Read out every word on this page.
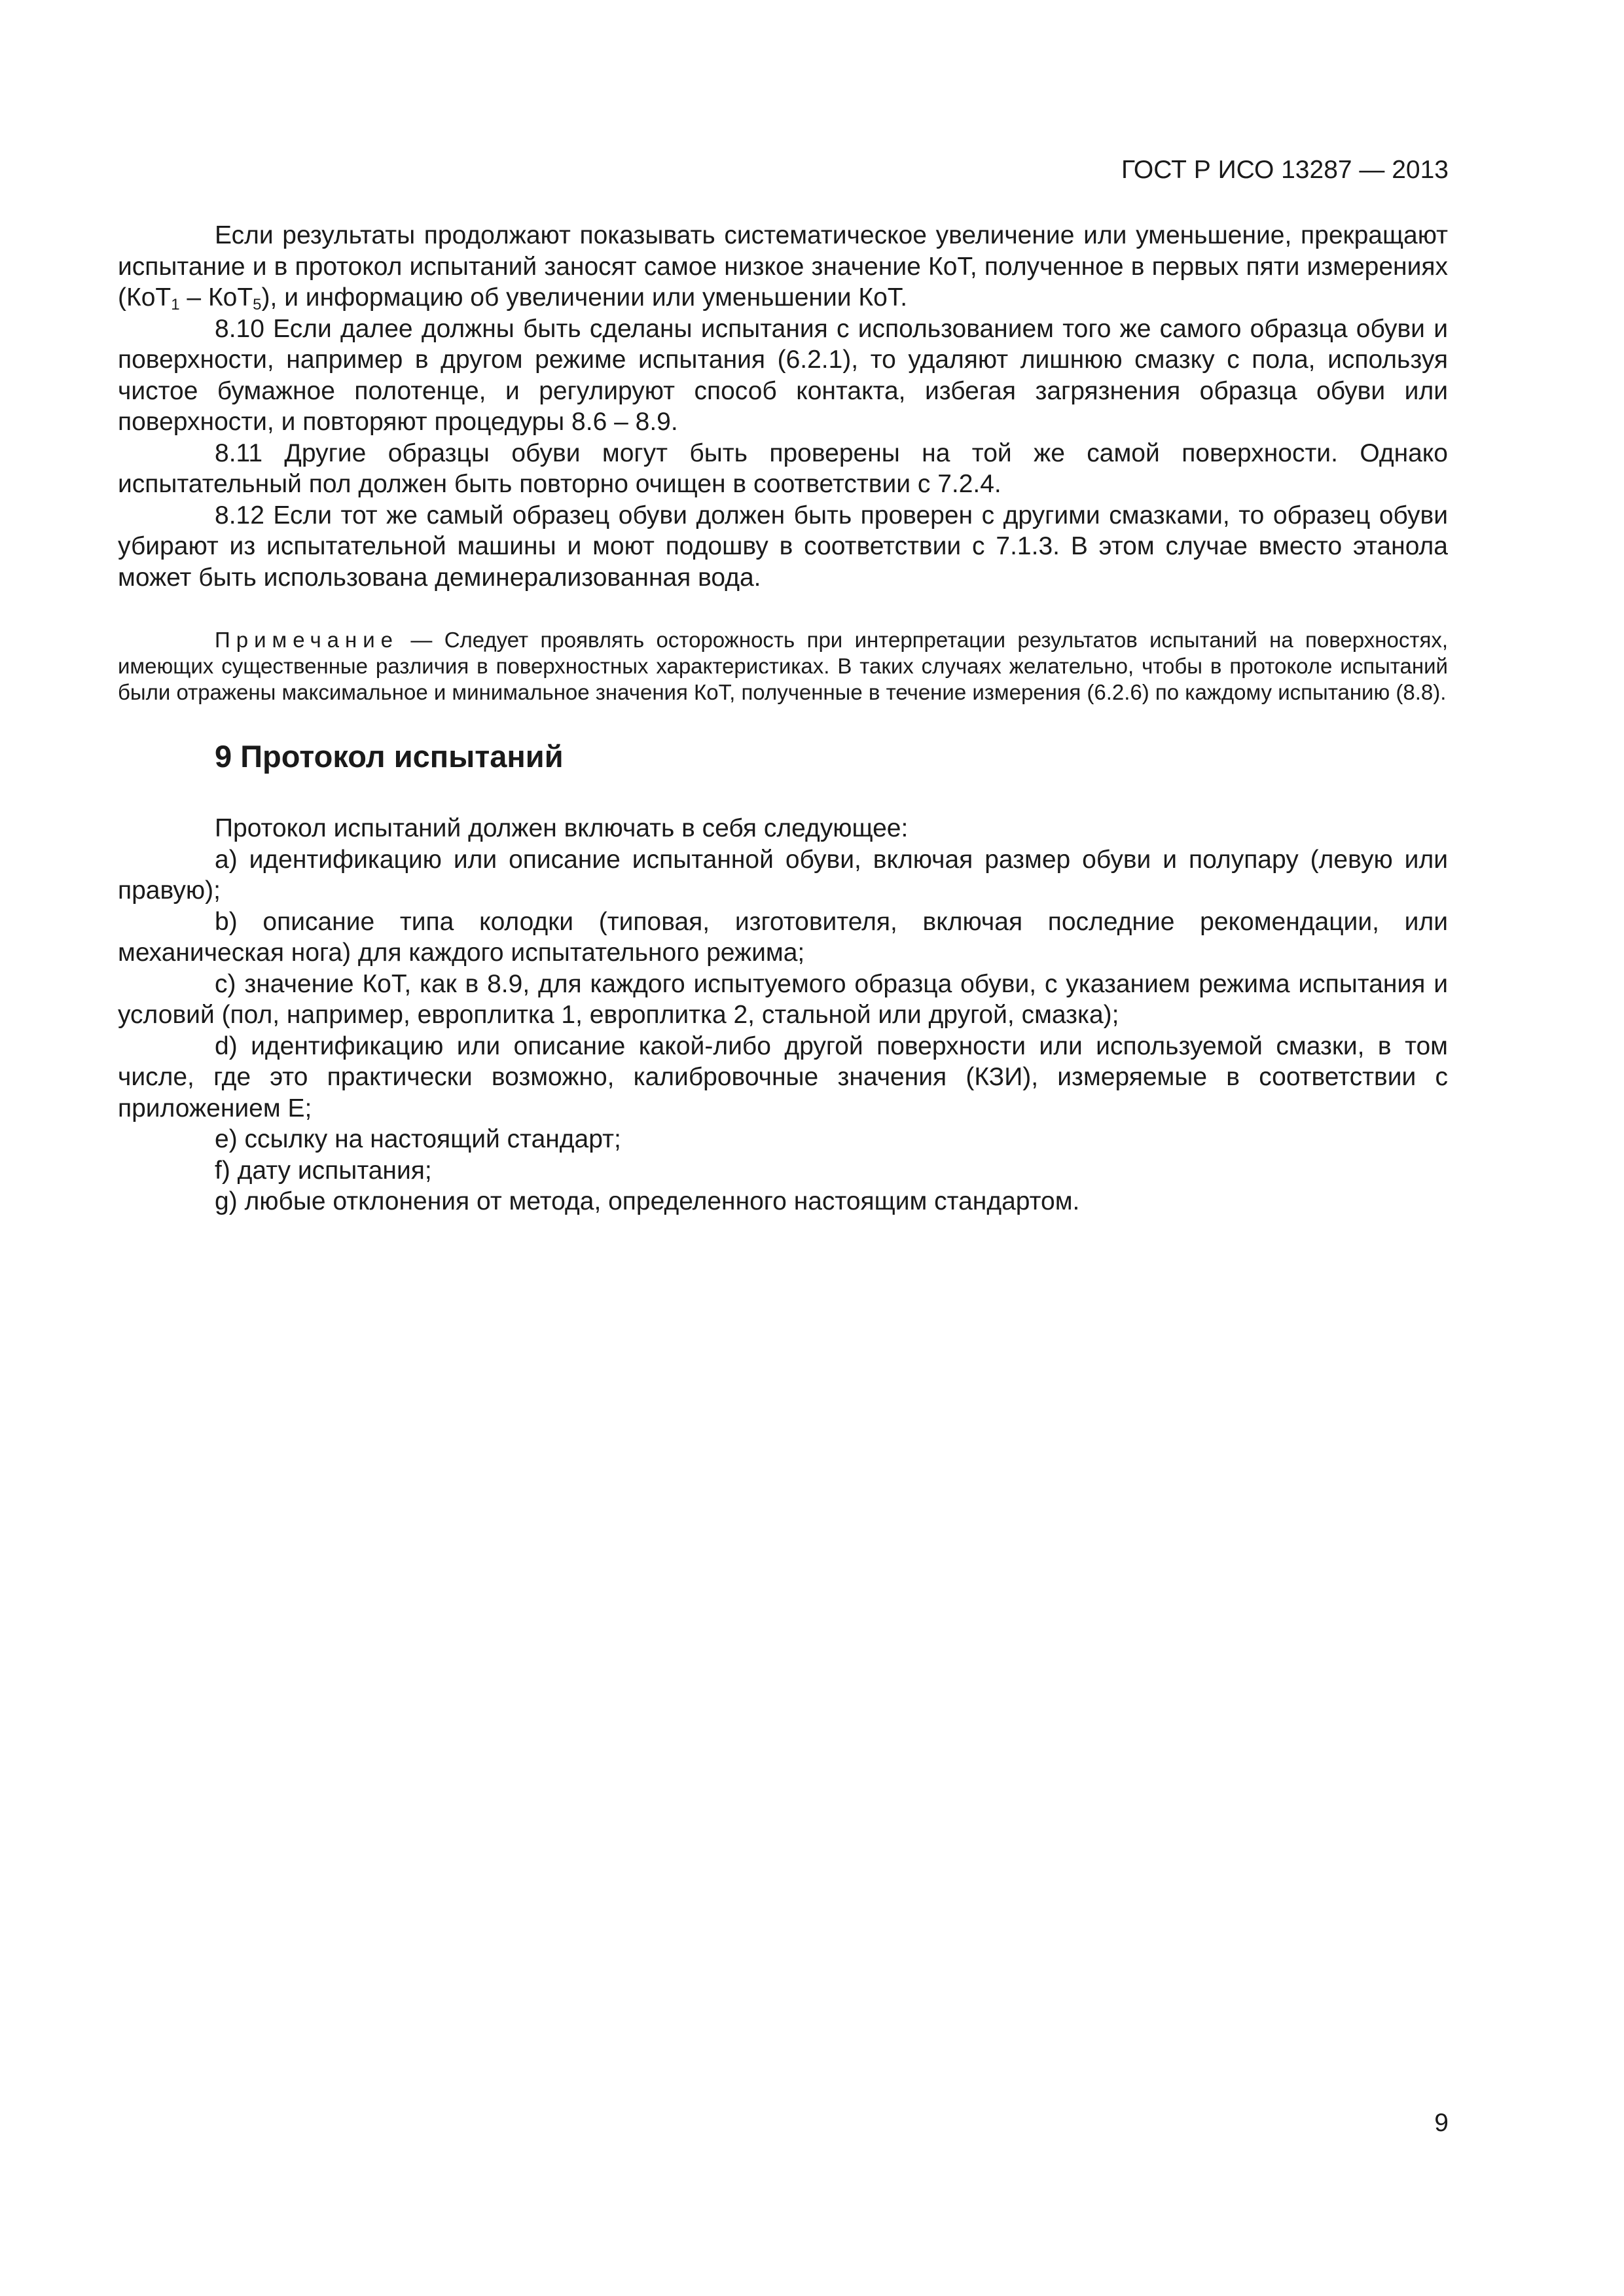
ГОСТ Р ИСО 13287 — 2013

Если результаты продолжают показывать систематическое увеличение или уменьшение, прекращают испытание и в протокол испытаний заносят самое низкое значение КоТ, полученное в первых пяти измерениях (КоТ$_1$ – КоТ$_5$), и информацию об увеличении или уменьшении КоТ.

8.10 Если далее должны быть сделаны испытания с использованием того же самого образца обуви и поверхности, например в другом режиме испытания (6.2.1), то удаляют лишнюю смазку с пола, используя чистое бумажное полотенце, и регулируют способ контакта, избегая загрязнения образца обуви или поверхности, и повторяют процедуры 8.6 – 8.9.

8.11 Другие образцы обуви могут быть проверены на той же самой поверхности. Однако испытательный пол должен быть повторно очищен в соответствии с 7.2.4.

8.12 Если тот же самый образец обуви должен быть проверен с другими смазками, то образец обуви убирают из испытательной машины и моют подошву в соответствии с 7.1.3. В этом случае вместо этанола может быть использована деминерализованная вода.

Примечание — Следует проявлять осторожность при интерпретации результатов испытаний на поверхностях, имеющих существенные различия в поверхностных характеристиках. В таких случаях желательно, чтобы в протоколе испытаний были отражены максимальное и минимальное значения КоТ, полученные в течение измерения (6.2.6) по каждому испытанию (8.8).
9 Протокол испытаний

Протокол испытаний должен включать в себя следующее:

a) идентификацию или описание испытанной обуви, включая размер обуви и полупару (левую или правую);

b) описание типа колодки (типовая, изготовителя, включая последние рекомендации, или механическая нога) для каждого испытательного режима;

c) значение КоТ, как в 8.9, для каждого испытуемого образца обуви, с указанием режима испытания и условий (пол, например, европлитка 1, европлитка 2, стальной или другой, смазка);

d) идентификацию или описание какой-либо другой поверхности или используемой смазки, в том числе, где это практически возможно, калибровочные значения (КЗИ), измеряемые в соответствии с приложением E;

e) ссылку на настоящий стандарт;

f) дату испытания;

g) любые отклонения от метода, определенного настоящим стандартом.

9
